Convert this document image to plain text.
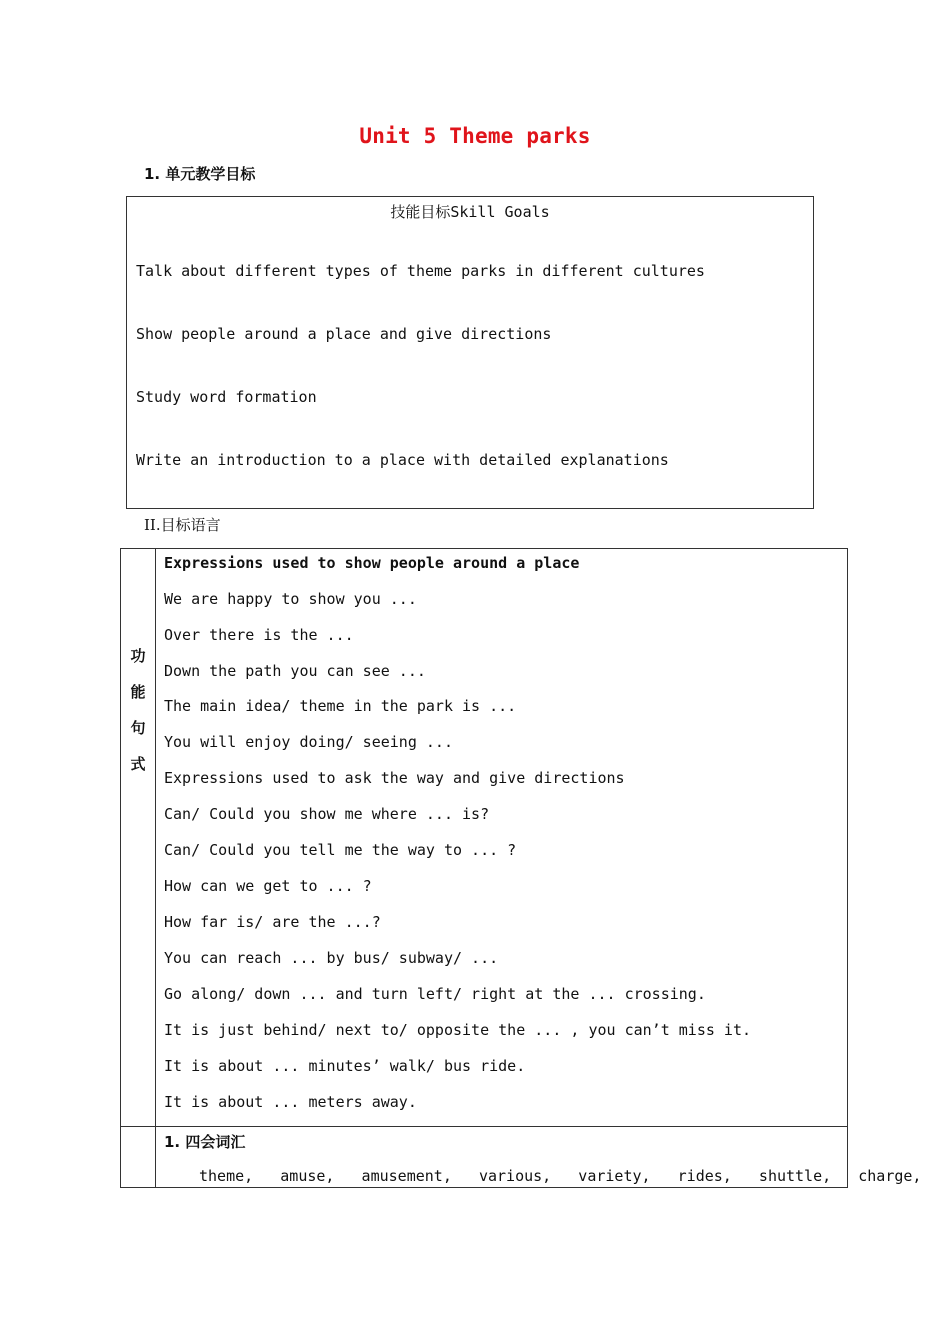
Unit 5 Theme parks
1. 单元教学目标
技能目标Skill Goals
Talk about different types of theme parks in different cultures
Show people around a place and give directions
Study word formation
Write an introduction to a place with detailed explanations
II.目标语言
功
能
句
式
Expressions used to show people around a place
We are happy to show you ...
Over there is the ...
Down the path you can see ...
The main idea/ theme in the park is ...
You will enjoy doing/ seeing ...
Expressions used to ask the way and give directions
Can/ Could you show me where ... is?
Can/ Could you tell me the way to ... ?
How can we get to ... ?
How far is/ are the ...?
You can reach ... by bus/ subway/ ...
Go along/ down ... and turn left/ right at the ... crossing.
It is just behind/ next to/ opposite the ... , you can’t miss it.
It is about ... minutes’ walk/ bus ride.
It is about ... meters away.
1. 四会词汇
theme,   amuse,   amusement,   various,   variety,   rides,   shuttle,   charge,
